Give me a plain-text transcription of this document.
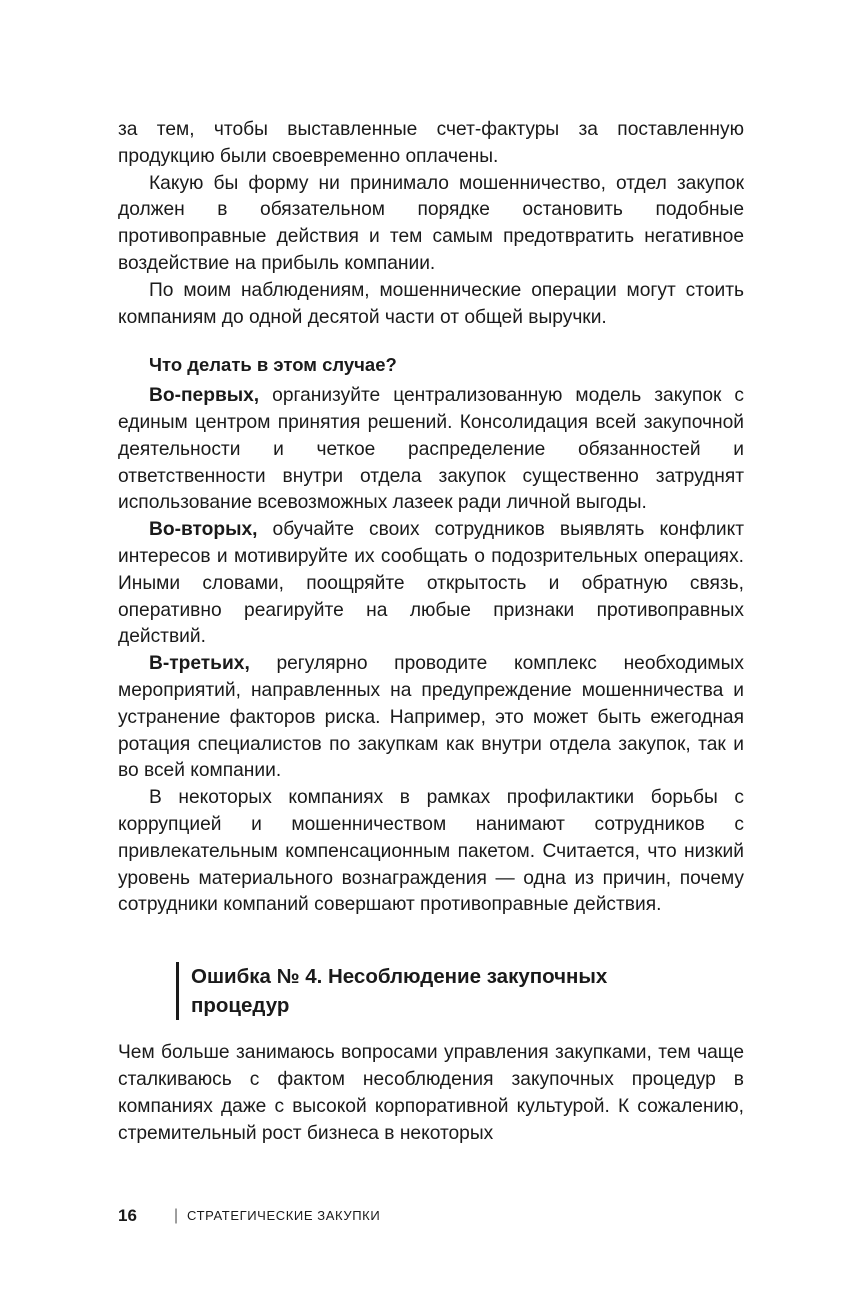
за тем, чтобы выставленные счет-фактуры за поставленную продукцию были своевременно оплачены.

Какую бы форму ни принимало мошенничество, отдел закупок должен в обязательном порядке остановить подобные противоправные действия и тем самым предотвратить негативное воздействие на прибыль компании.

По моим наблюдениям, мошеннические операции могут стоить компаниям до одной десятой части от общей выручки.

Что делать в этом случае?

Во-первых, организуйте централизованную модель закупок с единым центром принятия решений. Консолидация всей закупочной деятельности и четкое распределение обязанностей и ответственности внутри отдела закупок существенно затруднят использование всевозможных лазеек ради личной выгоды.

Во-вторых, обучайте своих сотрудников выявлять конфликт интересов и мотивируйте их сообщать о подозрительных операциях. Иными словами, поощряйте открытость и обратную связь, оперативно реагируйте на любые признаки противоправных действий.

В-третьих, регулярно проводите комплекс необходимых мероприятий, направленных на предупреждение мошенничества и устранение факторов риска. Например, это может быть ежегодная ротация специалистов по закупкам как внутри отдела закупок, так и во всей компании.

В некоторых компаниях в рамках профилактики борьбы с коррупцией и мошенничеством нанимают сотрудников с привлекательным компенсационным пакетом. Считается, что низкий уровень материального вознаграждения — одна из причин, почему сотрудники компаний совершают противоправные действия.

Ошибка № 4. Несоблюдение закупочных процедур

Чем больше занимаюсь вопросами управления закупками, тем чаще сталкиваюсь с фактом несоблюдения закупочных процедур в компаниях даже с высокой корпоративной культурой. К сожалению, стремительный рост бизнеса в некоторых

16	| СТРАТЕГИЧЕСКИЕ ЗАКУПКИ
